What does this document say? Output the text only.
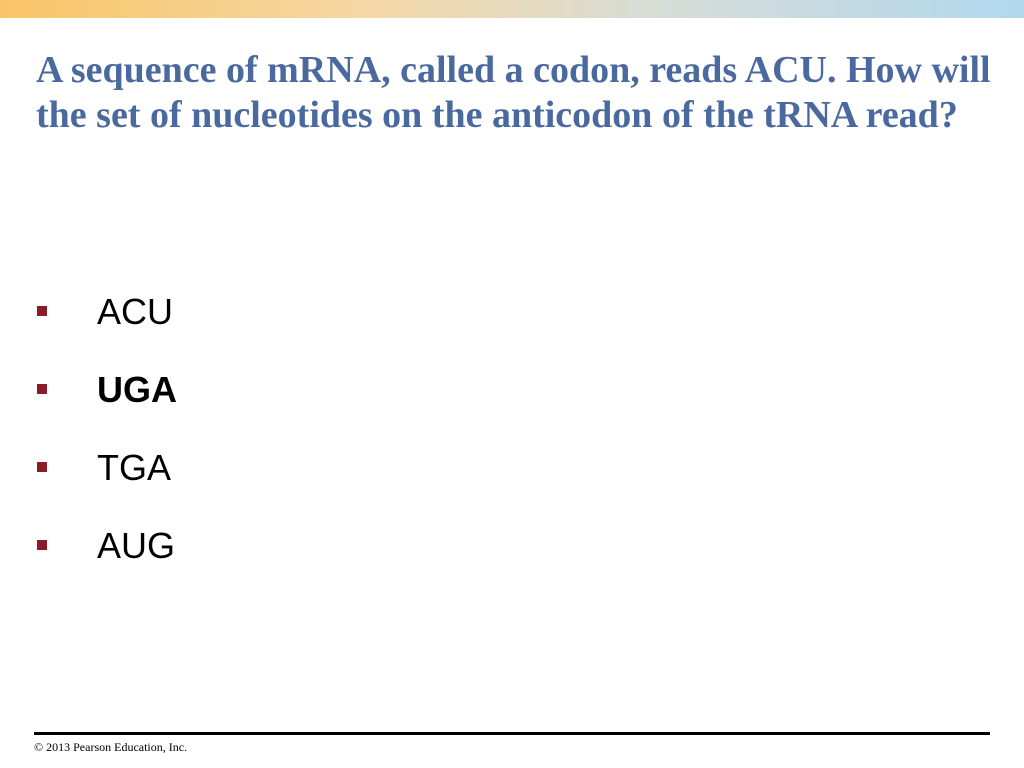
A sequence of mRNA, called a codon, reads ACU. How will the set of nucleotides on the anticodon of the tRNA read?
ACU
UGA
TGA
AUG
© 2013 Pearson Education, Inc.
